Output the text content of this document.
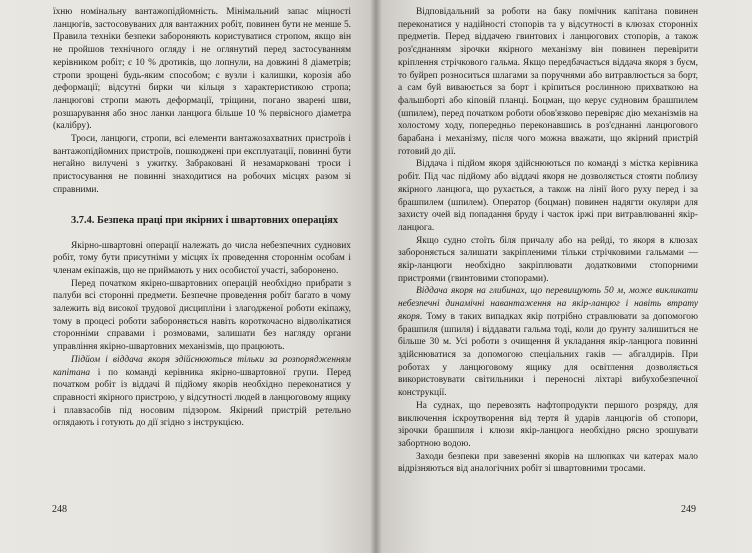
їхню номінальну вантажопідйомність. Мінімальний запас міцності ланцюгів, застосовуваних для вантажних робіт, повинен бути не менше 5. Правила техніки безпеки забороняють користуватися стропом, якщо він не пройшов технічного огляду і не оглянутий перед застосуванням керівником робіт; є 10 % дротиків, що лопнули, на довжині 8 діаметрів; стропи зрощені будь-яким способом; є вузли і калишки, корозія або деформації; відсутні бирки чи кільця з характеристикою стропа; ланцюгові стропи мають деформації, тріщини, погано зварені шви, розшарування або знос ланки ланцюга більше 10 % первісного діаметра (калібру).

Троси, ланцюги, стропи, всі елементи вантажозахватних пристроїв і вантажопідйомних пристроїв, пошкоджені при експлуатації, повинні бути негайно вилучені з ужитку. Забраковані й незамарковані троси і пристосування не повинні знаходитися на робочих місцях разом зі справними.

3.7.4. Безпека праці при якірних і швартовних операціях

Якірно-швартовні операції належать до числа небезпечних суднових робіт, тому бути присутніми у місцях їх проведення стороннім особам і членам екіпажів, що не приймають у них особистої участі, заборонено.

Перед початком якірно-швартовних операцій необхідно прибрати з палуби всі сторонні предмети. Безпечне проведення робіт багато в чому залежить від високої трудової дисципліни і злагодженої роботи екіпажу, тому в процесі роботи забороняється навіть короткочасно відволікатися сторонніми справами і розмовами, залишати без нагляду органи управління якірно-швартовних механізмів, що працюють.

Підйом і віддача якоря здійснюються тільки за розпорядженням капітана і по команді керівника якірно-швартовної групи. Перед початком робіт із віддачі й підйому якорів необхідно переконатися у справності якірного пристрою, у відсутності людей в ланцюговому ящику і плавзасобів під носовим підзором. Якірний пристрій ретельно оглядають і готують до дії згідно з інструкцією.

248

Відповідальний за роботи на баку помічник капітана повинен переконатися у надійності стопорів та у відсутності в клюзах сторонніх предметів. Перед віддачею гвинтових і ланцюгових стопорів, а також роз'єднанням зірочки якірного механізму він повинен перевірити кріплення стрічкового гальма. Якщо передбачається віддача якоря з буєм, то буйреп розноситься шлагами за поручнями або витравлюється за борт, а сам буй виваюється за борт і кріпиться рослинною прихваткою на фальшборті або кіповій планці. Боцман, що керує судновим брашпилем (шпилем), перед початком роботи обов'язково перевіряє дію механізмів на холостому ходу, попередньо переконавшись в роз'єднанні ланцюгового барабана і механізму, після чого можна вважати, що якірний пристрій готовий до дії.

Віддача і підйом якоря здійснюються по команді з містка керівника робіт. Під час підйому або віддачі якоря не дозволяється стояти поблизу якірного ланцюга, що рухається, а також на лінії його руху перед і за брашпилем (шпилем). Оператор (боцман) повинен надягти окуляри для захисту очей від попадання бруду і часток іржі при витравлюванні якір-ланцюга.

Якщо судно стоїть біля причалу або на рейді, то якоря в клюзах забороняється залишати закріпленими тільки стрічковими гальмами — якір-ланцюги необхідно закріплювати додатковими стопорними пристроями (гвинтовими стопорами).

Віддача якоря на глибинах, що перевищують 50 м, може викликати небезпечні динамічні навантаження на якір-ланцюг і навіть втрату якоря. Тому в таких випадках якір потрібно стравлювати за допомогою брашпиля (шпиля) і віддавати гальма тоді, коли до ґрунту залишиться не більше 30 м. Усі роботи з очищення й укладання якір-ланцюга повинні здійснюватися за допомогою спеціальних гаків — абгалдирів. При роботах у ланцюговому ящику для освітлення дозволяється використовувати світильники і переносні ліхтарі вибухобезпечної конструкції.

На суднах, що перевозять нафтопродукти першого розряду, для виключення іскроутворення від тертя й ударів ланцюгів об стопори, зірочки брашпиля і клюзи якір-ланцюга необхідно рясно зрошувати забортною водою.

Заходи безпеки при завезенні якорів на шлюпках чи катерах мало відрізняються від аналогічних робіт зі швартовними тросами.

249
